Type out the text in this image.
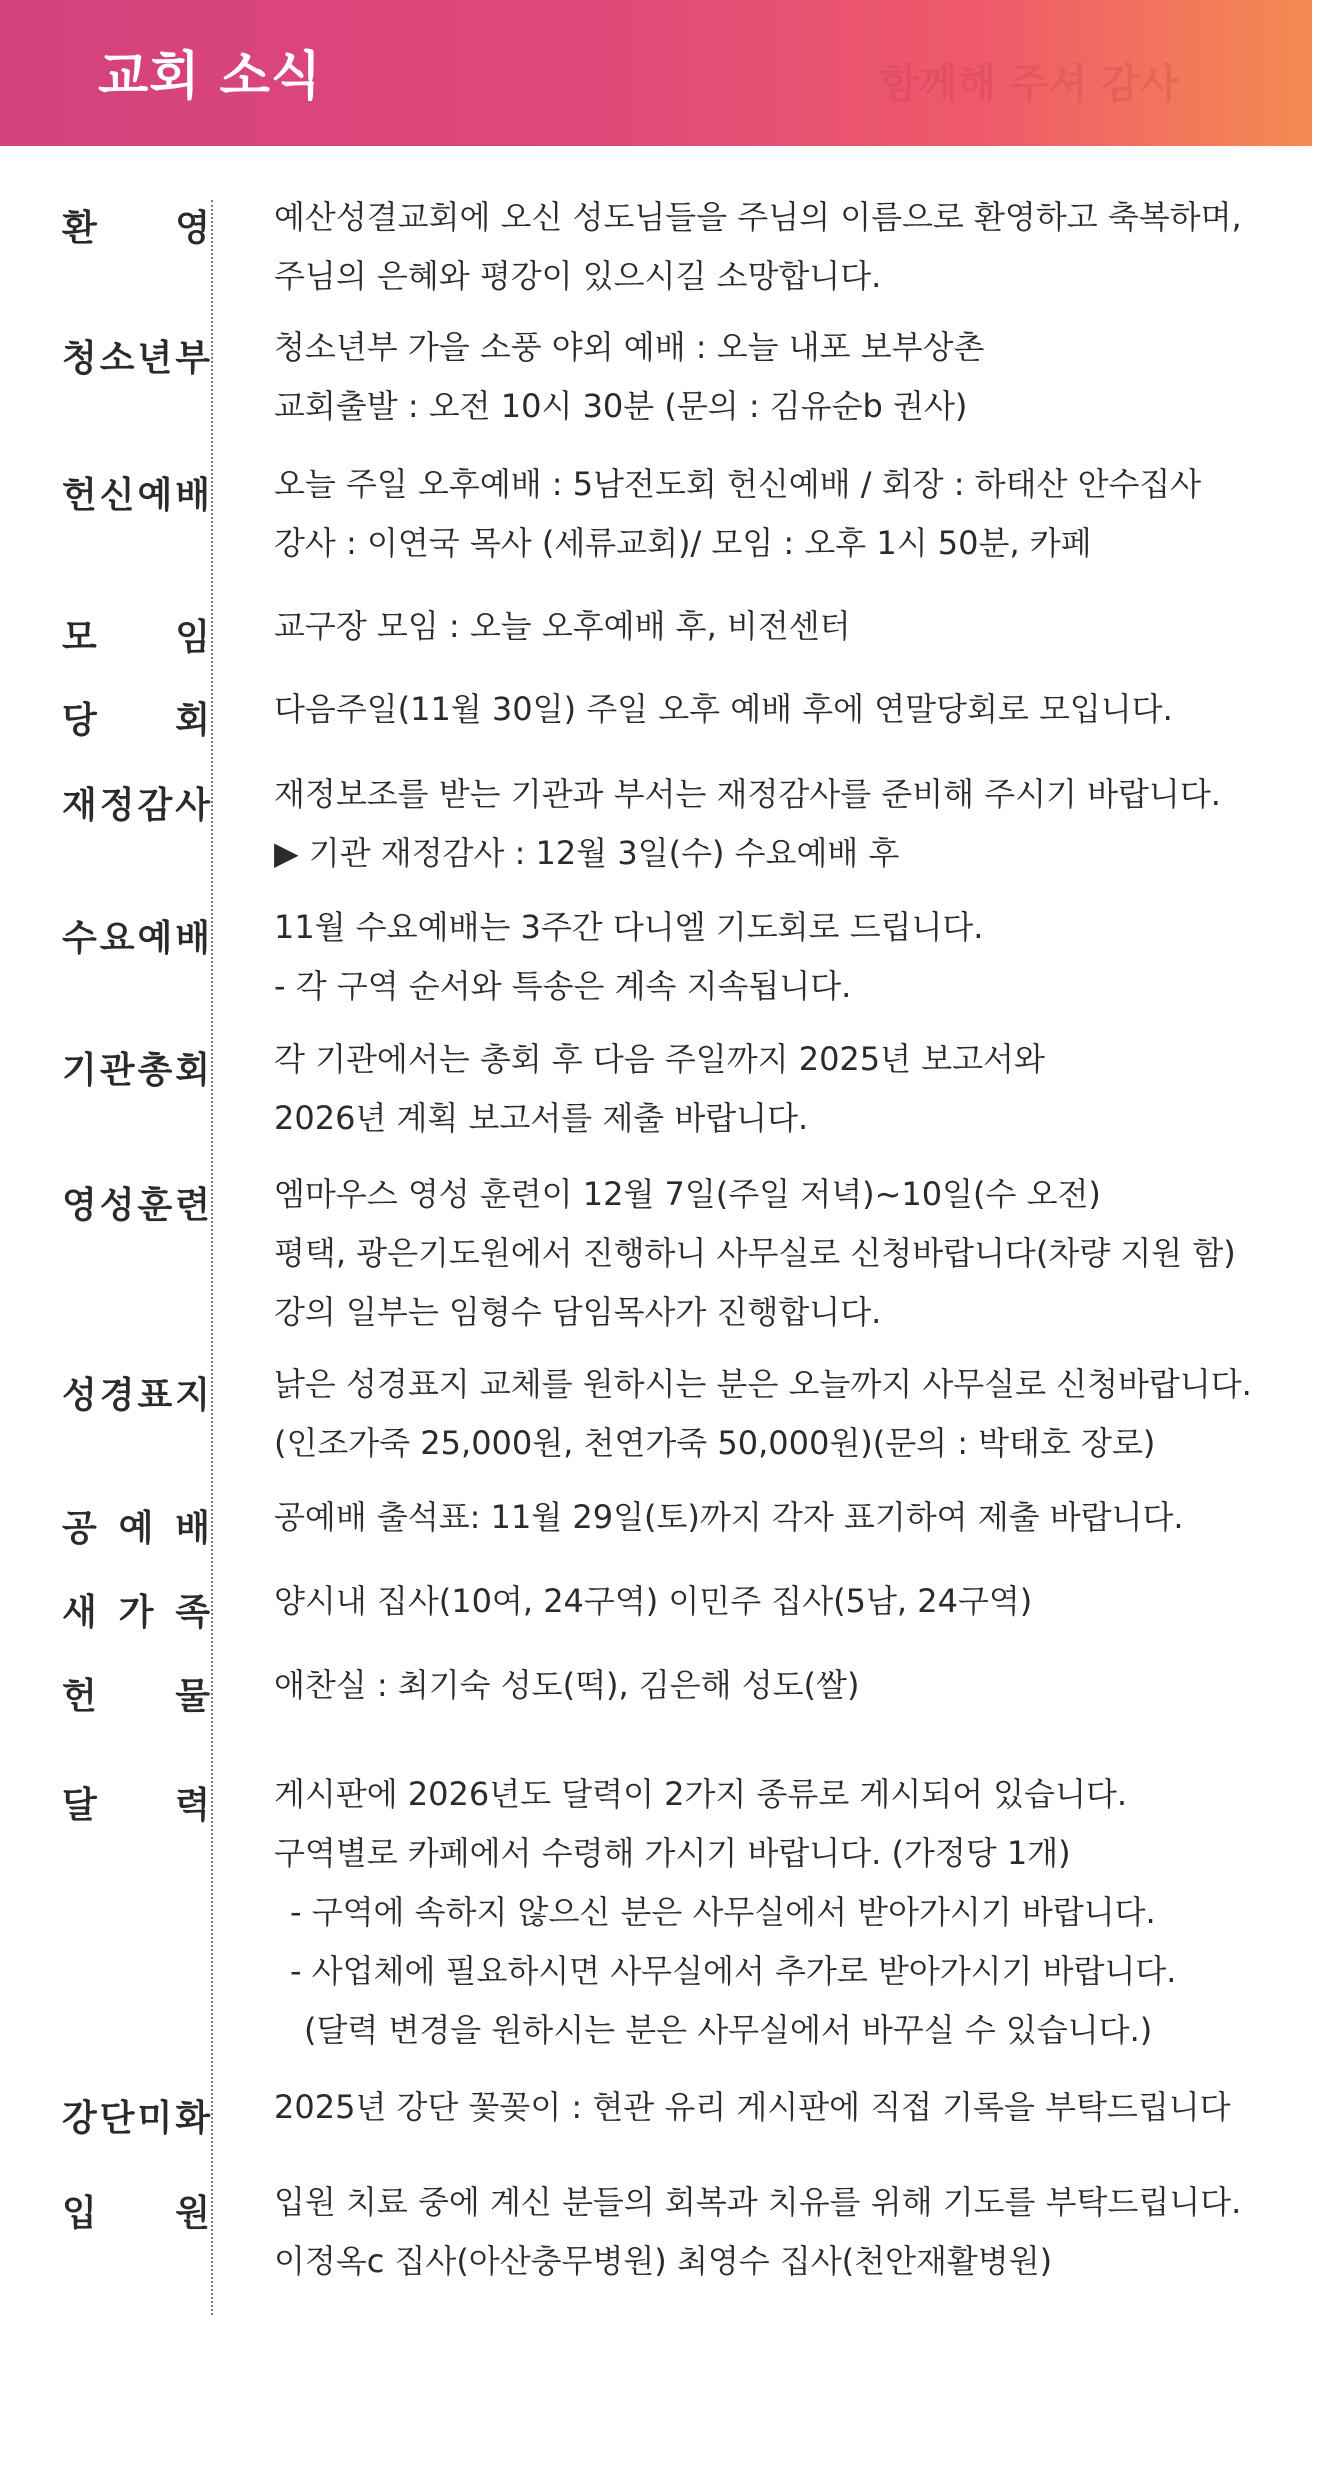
교회 소식	함께해 주셔 감사
환 영 예산성결교회에 오신 성도님들을 주님의 이름으로 환영하고 축복하며,
주님의 은혜와 평강이 있으시길 소망합니다.
청 소 년 부 청소년부 가을 소풍 야외 예배 : 오늘 내포 보부상촌
교회출발 : 오전 10시 30분 (문의 : 김유순b 권사)
헌 신 예 배 오늘 주일 오후예배 : 5남전도회 헌신예배 / 회장 : 하태산 안수집사
강사 : 이연국 목사 (세류교회)/ 모임 : 오후 1시 50분, 카페
모 임 교구장 모임 : 오늘 오후예배 후, 비전센터
당 회 다음주일(11월 30일) 주일 오후 예배 후에 연말당회로 모입니다.
재 정 감 사 재정보조를 받는 기관과 부서는 재정감사를 준비해 주시기 바랍니다.
▶ 기관 재정감사 : 12월 3일(수) 수요예배 후
수 요 예 배 11월 수요예배는 3주간 다니엘 기도회로 드립니다.
- 각 구역 순서와 특송은 계속 지속됩니다.
기 관 총 회 각 기관에서는 총회 후 다음 주일까지 2025년 보고서와
2026년 계획 보고서를 제출 바랍니다.
영 성 훈 련 엠마우스 영성 훈련이 12월 7일(주일 저녁)~10일(수 오전)
평택, 광은기도원에서 진행하니 사무실로 신청바랍니다(차량 지원 함)
강의 일부는 임형수 담임목사가 진행합니다.
성 경 표 지 낡은 성경표지 교체를 원하시는 분은 오늘까지 사무실로 신청바랍니다.
(인조가죽 25,000원, 천연가죽 50,000원)(문의 : 박태호 장로)
공 예 배 공예배 출석표: 11월 29일(토)까지 각자 표기하여 제출 바랍니다.
새 가 족 양시내 집사(10여, 24구역) 이민주 집사(5남, 24구역)
헌 물 애찬실 : 최기숙 성도(떡), 김은해 성도(쌀)
달 력 게시판에 2026년도 달력이 2가지 종류로 게시되어 있습니다.
구역별로 카페에서 수령해 가시기 바랍니다. (가정당 1개)
- 구역에 속하지 않으신 분은 사무실에서 받아가시기 바랍니다.
- 사업체에 필요하시면 사무실에서 추가로 받아가시기 바랍니다.
(달력 변경을 원하시는 분은 사무실에서 바꾸실 수 있습니다.)
강 단 미 화 2025년 강단 꽃꽂이 : 현관 유리 게시판에 직접 기록을 부탁드립니다
입 원 입원 치료 중에 계신 분들의 회복과 치유를 위해 기도를 부탁드립니다.
이정옥c 집사(아산충무병원) 최영수 집사(천안재활병원)
